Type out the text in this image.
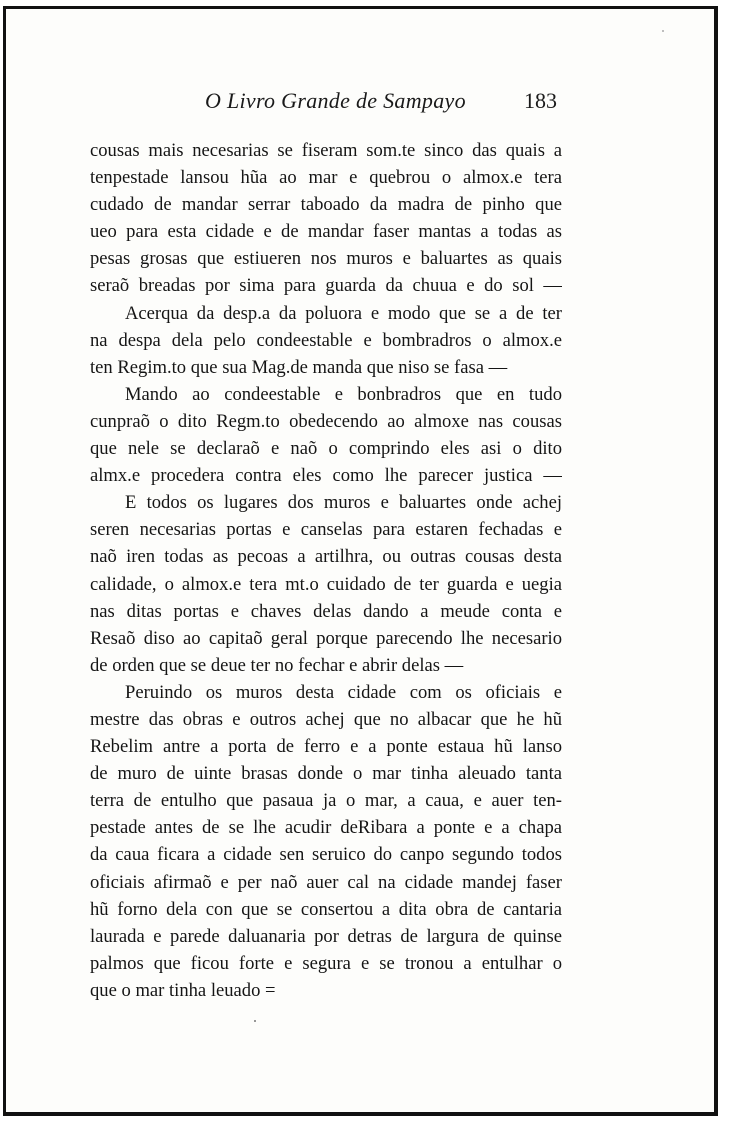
O Livro Grande de Sampayo	183
cousas mais necesarias se fiseram som.te sinco das quais a
tenpestade lansou hũa ao mar e quebrou o almox.e tera
cudado de mandar serrar taboado da madra de pinho que
ueo para esta cidade e de mandar faser mantas a todas as
pesas grosas que estiueren nos muros e baluartes as quais
seraõ breadas por sima para guarda da chuua e do sol —
Acerqua da desp.a da poluora e modo que se a de ter
na despa dela pelo condeestable e bombradros o almox.e
ten Regim.to que sua Mag.de manda que niso se fasa —
Mando ao condeestable e bonbradros que en tudo
cunpraõ o dito Regm.to obedecendo ao almoxe nas cousas
que nele se declaraõ e naõ o comprindo eles asi o dito
almx.e procedera contra eles como lhe parecer justica —
E todos os lugares dos muros e baluartes onde achej
seren necesarias portas e canselas para estaren fechadas e
naõ iren todas as pecoas a artilhra, ou outras cousas desta
calidade, o almox.e tera mt.o cuidado de ter guarda e uegia
nas ditas portas e chaves delas dando a meude conta e
Resaõ diso ao capitaõ geral porque parecendo lhe necesario
de orden que se deue ter no fechar e abrir delas —
Peruindo os muros desta cidade com os oficiais e
mestre das obras e outros achej que no albacar que he hũ
Rebelim antre a porta de ferro e a ponte estaua hũ lanso
de muro de uinte brasas donde o mar tinha aleuado tanta
terra de entulho que pasaua ja o mar, a caua, e auer ten-
pestade antes de se lhe acudir deRibara a ponte e a chapa
da caua ficara a cidade sen seruico do canpo segundo todos
oficiais afirmaõ e per naõ auer cal na cidade mandej faser
hũ forno dela con que se consertou a dita obra de cantaria
laurada e parede daluanaria por detras de largura de quinse
palmos que ficou forte e segura e se tronou a entulhar o
que o mar tinha leuado =
